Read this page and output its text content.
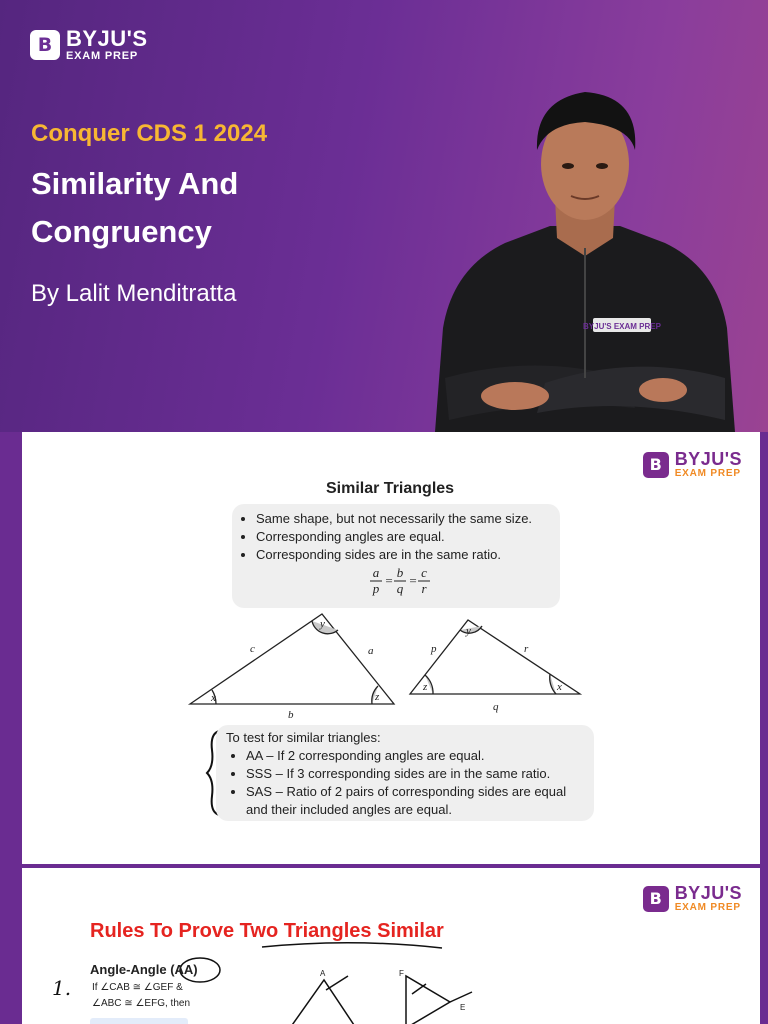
B BYJU'S
EXAM PREP
Conquer CDS 1 2024
Similarity And
Congruency
By Lalit Menditratta
BYJU'S EXAM PREP
B BYJU'S
EXAM PREP
Similar Triangles
• Same shape, but not necessarily the same size.
• Corresponding angles are equal.
• Corresponding sides are in the same ratio.
a
p
=
b
q
=
c
r
c	a
b
y
x	z
p	r
q
y
z	x
To test for similar triangles:
• AA – If 2 corresponding angles are equal.
• SSS – If 3 corresponding sides are in the same ratio.
• SAS – Ratio of 2 pairs of corresponding sides are equal
and their included angles are equal.
B BYJU'S
EXAM PREP
Rules To Prove Two Triangles Similar
1.
A	F
E
Angle-Angle (AA)
If ∠CAB ≅ ∠GEF &
∠ABC ≅ ∠EFG, then
